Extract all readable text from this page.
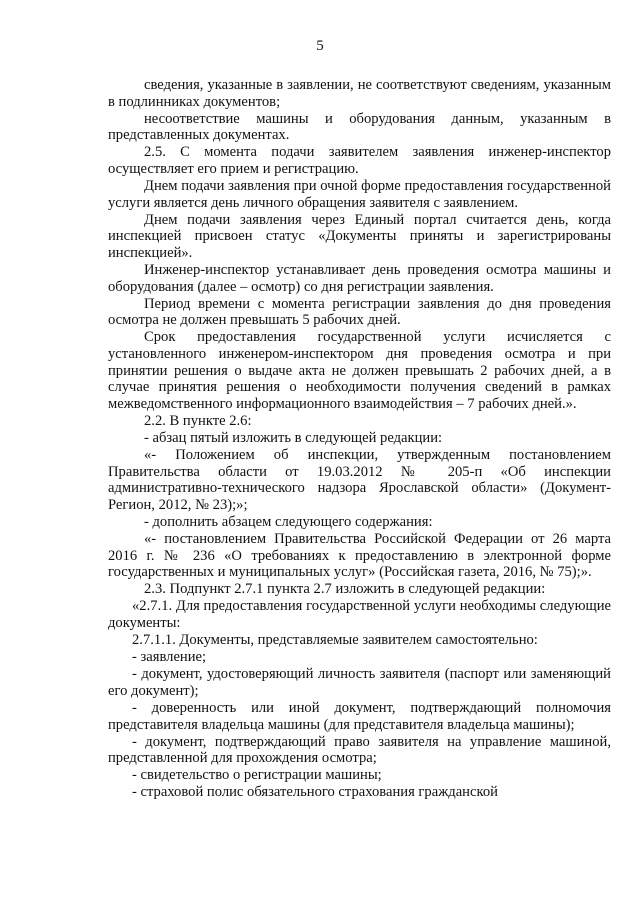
5

сведения, указанные в заявлении, не соответствуют сведениям, указанным в подлинниках документов;

несоответствие машины и оборудования данным, указанным в представленных документах.

2.5. С момента подачи заявителем заявления инженер-инспектор осуществляет его прием и регистрацию.

Днем подачи заявления при очной форме предоставления государственной услуги является день личного обращения заявителя с заявлением.

Днем подачи заявления через Единый портал считается день, когда инспекцией присвоен статус «Документы приняты и зарегистрированы инспекцией».

Инженер-инспектор устанавливает день проведения осмотра машины и оборудования (далее – осмотр) со дня регистрации заявления.

Период времени с момента регистрации заявления до дня проведения осмотра не должен превышать 5 рабочих дней.

Срок предоставления государственной услуги исчисляется с установленного инженером-инспектором дня проведения осмотра и при принятии решения о выдаче акта не должен превышать 2 рабочих дней, а в случае принятия решения о необходимости получения сведений в рамках межведомственного информационного взаимодействия – 7 рабочих дней.».

2.2. В пункте 2.6:

- абзац пятый изложить в следующей редакции:

«- Положением об инспекции, утвержденным постановлением Правительства области от 19.03.2012 № 205-п «Об инспекции административно-технического надзора Ярославской области» (Документ-Регион, 2012, № 23);»;

- дополнить абзацем следующего содержания:

«- постановлением Правительства Российской Федерации от 26 марта 2016 г. № 236 «О требованиях к предоставлению в электронной форме государственных и муниципальных услуг» (Российская газета, 2016, № 75);».

2.3. Подпункт 2.7.1 пункта 2.7 изложить в следующей редакции:

«2.7.1. Для предоставления государственной услуги необходимы следующие документы:

2.7.1.1. Документы, представляемые заявителем самостоятельно:

- заявление;

- документ, удостоверяющий личность заявителя (паспорт или заменяющий его документ);

- доверенность или иной документ, подтверждающий полномочия представителя владельца машины (для представителя владельца машины);

- документ, подтверждающий право заявителя на управление машиной, представленной для прохождения осмотра;

- свидетельство о регистрации машины;

- страховой полис обязательного страхования гражданской
